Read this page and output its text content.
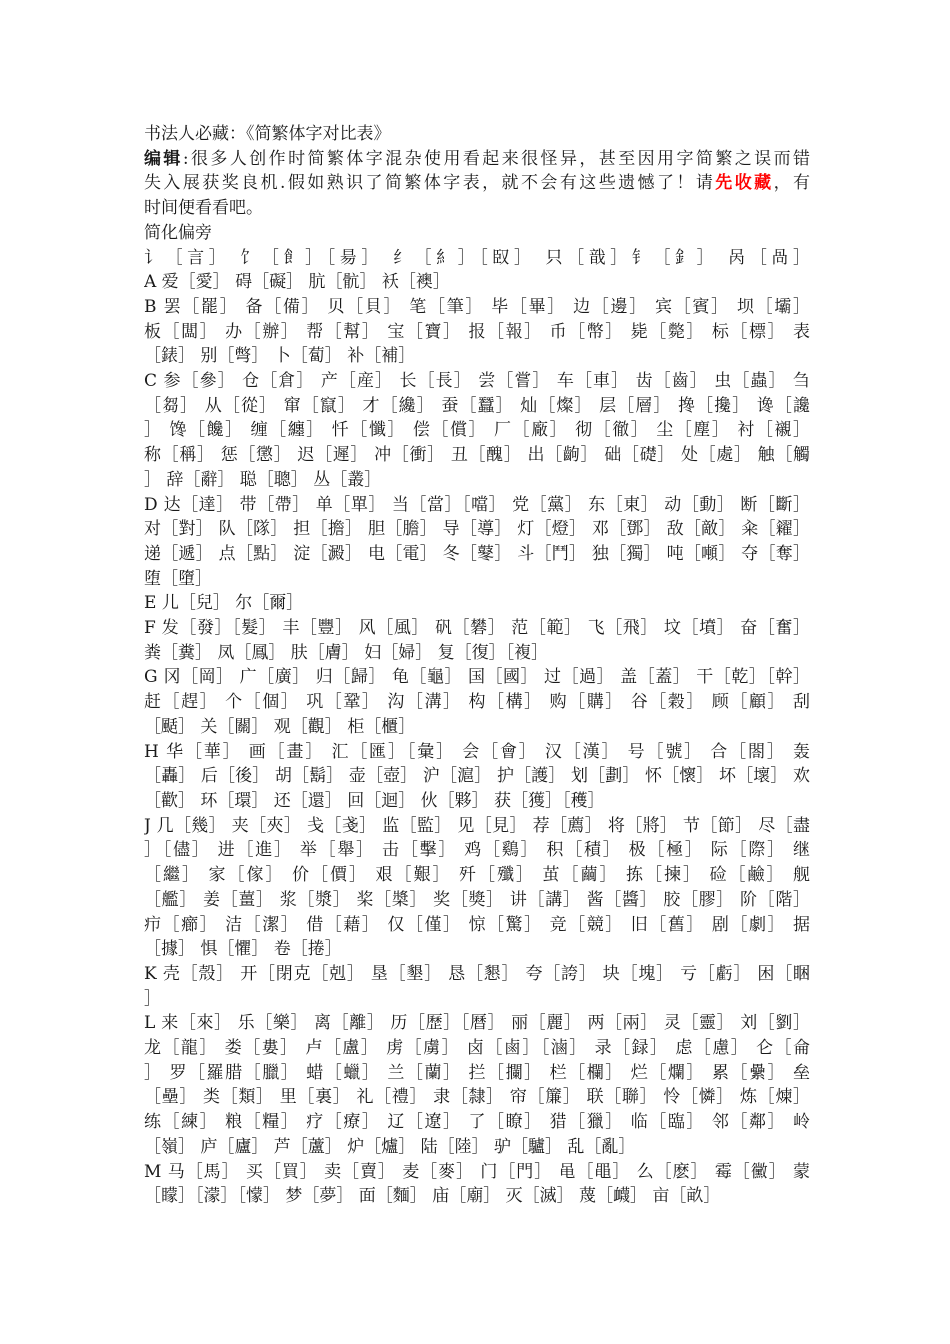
书法人必藏：《简繁体字对比表》
编辑:很多人创作时简繁体字混杂使用看起来很怪异，甚至因用字简繁之误而错
失入展获奖良机.假如熟识了简繁体字表，就不会有这些遗憾了！请先收藏，有
时间便看看吧。
简化偏旁
讠［言］ 饣［飠］［昜］ 纟［糹］［臤］ 只［戠］钅［釒］ 呙［咼］
A 爱［愛］ 碍［礙］ 肮［骯］ 袄［襖］
B 罢［罷］ 备［備］ 贝［貝］ 笔［筆］ 毕［畢］ 边［邊］ 宾［賓］ 坝［壩］
板［闆］ 办［辦］ 帮［幫］ 宝［寶］ 报［報］ 币［幣］ 毙［斃］ 标［標］ 表
［錶］ 别［彆］ 卜［蔔］ 补［補］
C 参［參］ 仓［倉］ 产［産］ 长［長］ 尝［嘗］ 车［車］ 齿［齒］ 虫［蟲］ 刍
［芻］ 从［從］ 窜［竄］ 才［纔］ 蚕［蠶］ 灿［燦］ 层［層］ 搀［攙］ 谗［讒
］ 馋［饞］ 缠［纏］ 忏［懺］ 偿［償］ 厂［廠］ 彻［徹］ 尘［塵］ 衬［襯］
称［稱］ 惩［懲］ 迟［遲］ 冲［衝］ 丑［醜］ 出［齣］ 础［礎］ 处［處］ 触［觸
］ 辞［辭］ 聪［聰］ 丛［叢］
D 达［達］ 带［帶］ 单［單］ 当［當］［噹］ 党［黨］ 东［東］ 动［動］ 断［斷］
对［對］ 队［隊］ 担［擔］ 胆［膽］ 导［導］ 灯［燈］ 邓［鄧］ 敌［敵］ 籴［糴］
递［遞］ 点［點］ 淀［澱］ 电［電］ 冬［鼕］ 斗［鬥］ 独［獨］ 吨［噸］ 夺［奪］
堕［墮］
E 儿［兒］ 尔［爾］
F 发［發］［髮］ 丰［豐］ 风［風］ 矾［礬］ 范［範］ 飞［飛］ 坟［墳］ 奋［奮］
粪［糞］ 凤［鳳］ 肤［膚］ 妇［婦］ 复［復］［複］
G 冈［岡］ 广［廣］ 归［歸］ 龟［龜］ 国［國］ 过［過］ 盖［蓋］ 干［乾］［幹］
赶［趕］ 个［個］ 巩［鞏］ 沟［溝］ 构［構］ 购［購］ 谷［穀］ 顾［顧］ 刮
［颳］ 关［關］ 观［觀］ 柜［櫃］
H 华［華］ 画［畫］ 汇［匯］［彙］ 会［會］ 汉［漢］ 号［號］ 合［閤］ 轰
［轟］ 后［後］ 胡［鬍］ 壶［壺］ 沪［滬］ 护［護］ 划［劃］ 怀［懷］ 坏［壞］ 欢
［歡］ 环［環］ 还［還］ 回［迴］ 伙［夥］ 获［獲］［穫］
J 几［幾］ 夹［夾］ 戋［戔］ 监［監］ 见［見］ 荐［薦］ 将［將］ 节［節］ 尽［盡
］［儘］ 进［進］ 举［舉］ 击［擊］ 鸡［鷄］ 积［積］ 极［極］ 际［際］ 继
［繼］ 家［傢］ 价［價］ 艰［艱］ 歼［殲］ 茧［繭］ 拣［揀］ 硷［鹼］ 舰
［艦］ 姜［薑］ 浆［漿］ 桨［槳］ 奖［獎］ 讲［講］ 酱［醬］ 胶［膠］ 阶［階］
疖［癤］ 洁［潔］ 借［藉］ 仅［僅］ 惊［驚］ 竞［競］ 旧［舊］ 剧［劇］ 据
［據］ 惧［懼］ 卷［捲］
K 壳［殼］ 开［閉克［剋］ 垦［墾］ 恳［懇］ 夸［誇］ 块［塊］ 亏［虧］ 困［睏
］
L 来［來］ 乐［樂］ 离［離］ 历［歷］［曆］ 丽［麗］ 两［兩］ 灵［靈］ 刘［劉］
龙［龍］ 娄［婁］ 卢［盧］ 虏［虜］ 卤［鹵］［滷］ 录［録］ 虑［慮］ 仑［侖
］ 罗［羅腊［臘］ 蜡［蠟］ 兰［蘭］ 拦［攔］ 栏［欄］ 烂［爛］ 累［纍］ 垒
［壘］ 类［類］ 里［裏］ 礼［禮］ 隶［隸］ 帘［簾］ 联［聯］ 怜［憐］ 炼［煉］
练［練］ 粮［糧］ 疗［療］ 辽［遼］ 了［瞭］ 猎［獵］ 临［臨］ 邻［鄰］ 岭
［嶺］ 庐［廬］ 芦［蘆］ 炉［爐］ 陆［陸］ 驴［驢］ 乱［亂］
M 马［馬］ 买［買］ 卖［賣］ 麦［麥］ 门［門］ 黾［黽］ 么［麽］ 霉［黴］ 蒙
［矇］［濛］［懞］ 梦［夢］ 面［麵］ 庙［廟］ 灭［滅］ 蔑［衊］ 亩［畝］
